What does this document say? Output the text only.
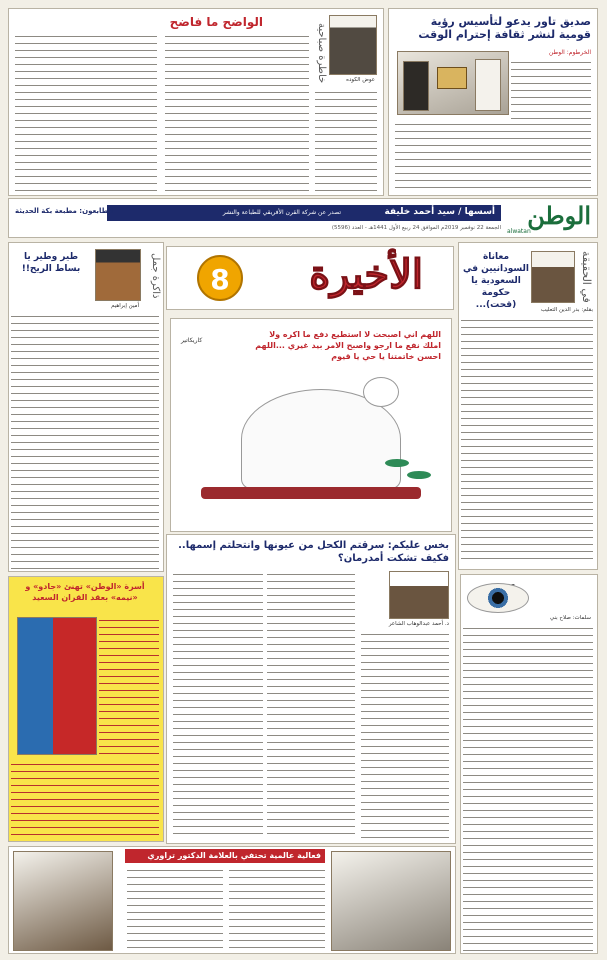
صديق تاور يدعو لتأسيس رؤية قومية لنشر ثقافة إحترام الوقت
الخرطوم: الوطن
خاطرة صباحية	عوض الكوده
الواضح ما فاضح
الوطن
alwatan
أسسها / سيد أحمد خليفة
تصدر عن شركة القرن الأفريقي للطباعة والنشر
الطابعون: مطبعة بكة الحديثة
الجمعة 22 نوفمبر 2019م الموافق 24 ربيع الأول 1441هـ - العدد (5596)
في الحقيقة
معاناة السودانيين في السعودية يا حكومة (قحت)...	بقلم: بدر الدين التعليب
الأخيرة
8
اللهم اني اصبحت لا استطيع دفع ما اكره ولا املك نفع ما ارجو واصبح الامر بيد غيري ...اللهم احسن خاتمتنا يا حي يا قيوم
كاريكاتير
ذاكرة جمل
طير وطير يا بساط الريح!!
أمين إبراهيم
بخس عليكم: سرقتم الكحل من عيونها وانتحلتم إسمها.. فكيف تشكت أمدرمان؟
د. أحمد عبدالوهاب الشاعر
سلمات: صلاح بني
أسرة «الوطن» تهنئ «جادو» و «نيمه» بعقد القران السعيد
فعالية عالمية تحتفي بالعلامة الدكتور تراوري
